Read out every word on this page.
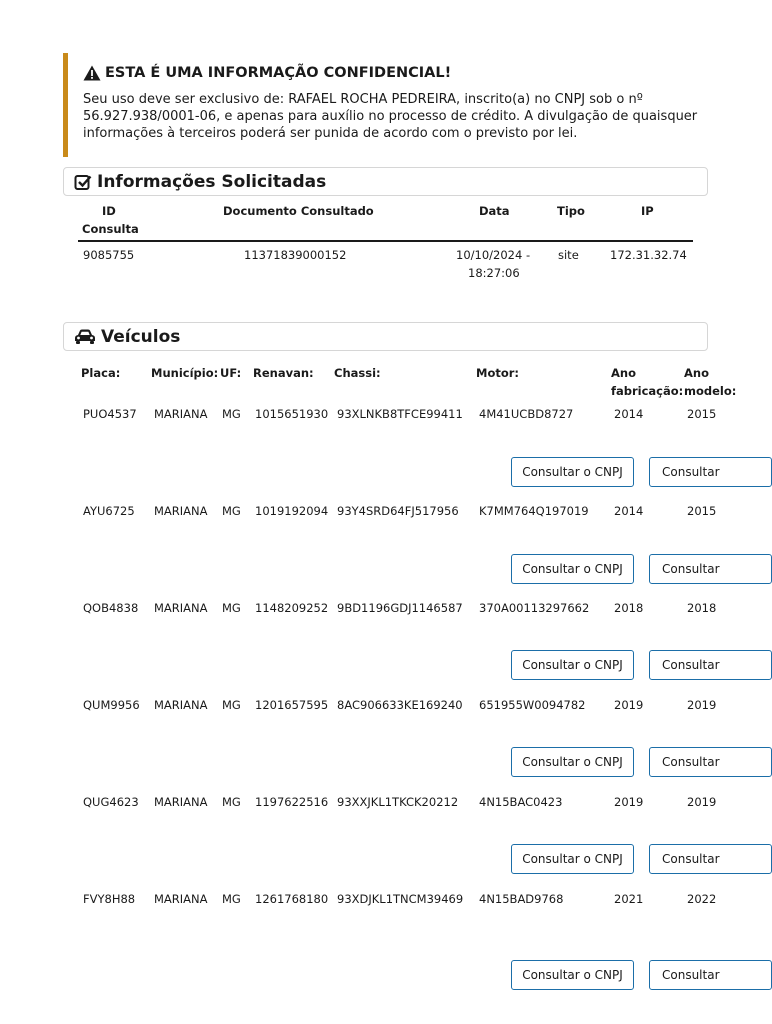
ESTA É UMA INFORMAÇÃO CONFIDENCIAL!
Seu uso deve ser exclusivo de: RAFAEL ROCHA PEDREIRA, inscrito(a) no CNPJ sob o nº
56.927.938/0001-06, e apenas para auxílio no processo de crédito. A divulgação de quaisquer
informações à terceiros poderá ser punida de acordo com o previsto por lei.
Informações Solicitadas
ID
Consulta
Documento Consultado	Data	Tipo	IP
9085755	11371839000152	10/10/2024 -
18:27:06
site	172.31.32.74
Veículos
Placa:	Município: UF: Renavan: Chassi:	Motor:	Ano
fabricação:
Ano
modelo:
PUO4537 MARIANA MG 1015651930 93XLNKB8TFCE99411 4M41UCBD8727	2014	2015
Consultar o CNPJ	Consultar
AYU6725 MARIANA MG 1019192094 93Y4SRD64FJ517956 K7MM764Q197019 2014	2015
Consultar o CNPJ	Consultar
QOB4838 MARIANA MG 1148209252 9BD1196GDJ1146587 370A00113297662 2018	2018
Consultar o CNPJ	Consultar
QUM9956 MARIANA MG 1201657595 8AC906633KE169240 651955W0094782 2019	2019
Consultar o CNPJ	Consultar
QUG4623 MARIANA MG 1197622516 93XXJKL1TKCK20212 4N15BAC0423	2019	2019
Consultar o CNPJ	Consultar
FVY8H88 MARIANA MG 1261768180 93XDJKL1TNCM39469 4N15BAD9768	2021	2022
Consultar o CNPJ	Consultar
